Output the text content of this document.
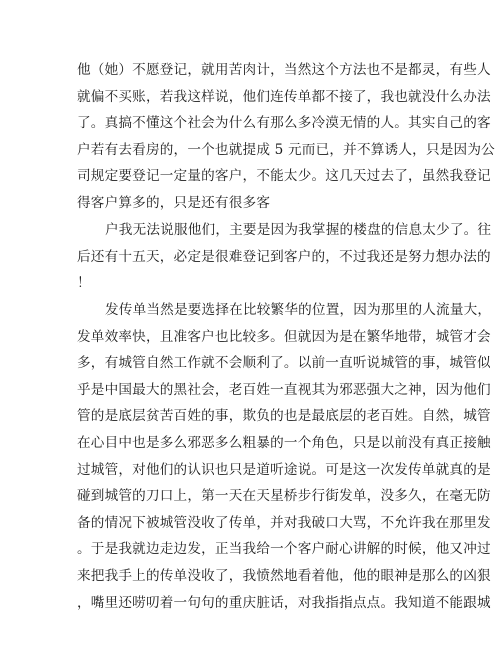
他（她）不愿登记，就用苦肉计，当然这个方法也不是都灵，有些人
就偏不买账，若我这样说，他们连传单都不接了，我也就没什么办法
了。真搞不懂这个社会为什么有那么多冷漠无情的人。其实自己的客
户若有去看房的，一个也就提成 5 元而已，并不算诱人，只是因为公
司规定要登记一定量的客户，不能太少。这几天过去了，虽然我登记
得客户算多的，只是还有很多客
户我无法说服他们，主要是因为我掌握的楼盘的信息太少了。往
后还有十五天，必定是很难登记到客户的，不过我还是努力想办法的
！
发传单当然是要选择在比较繁华的位置，因为那里的人流量大，
发单效率快，且准客户也比较多。但就因为是在繁华地带，城管才会
多，有城管自然工作就不会顺利了。以前一直听说城管的事，城管似
乎是中国最大的黑社会，老百姓一直视其为邪恶强大之神，因为他们
管的是底层贫苦百姓的事，欺负的也是最底层的老百姓。自然，城管
在心目中也是多么邪恶多么粗暴的一个角色，只是以前没有真正接触
过城管，对他们的认识也只是道听途说。可是这一次发传单就真的是
碰到城管的刀口上，第一天在天星桥步行街发单，没多久，在毫无防
备的情况下被城管没收了传单，并对我破口大骂，不允许我在那里发
。于是我就边走边发，正当我给一个客户耐心讲解的时候，他又冲过
来把我手上的传单没收了，我愤然地看着他，他的眼神是那么的凶狠
，嘴里还唠叨着一句句的重庆脏话，对我指指点点。我知道不能跟城
